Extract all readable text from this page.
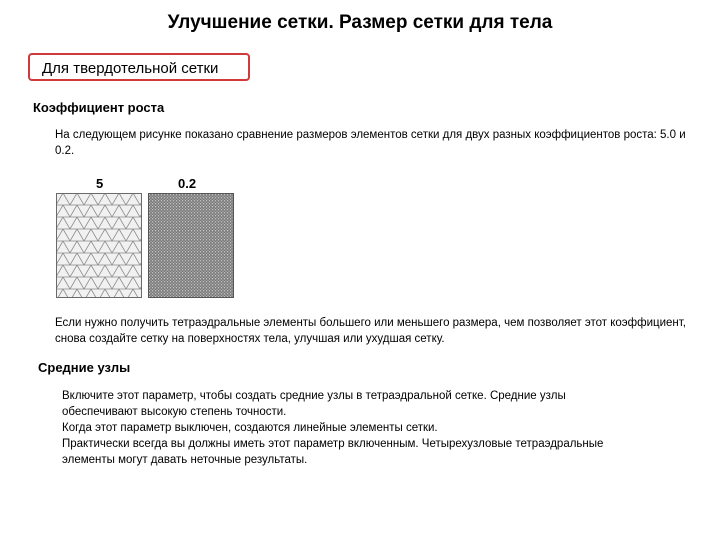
Улучшение сетки. Размер сетки для тела
Для твердотельной сетки
Коэффициент роста
На следующем рисунке показано сравнение размеров элементов сетки для двух разных коэффициентов роста: 5.0 и 0.2.
5	0.2
Если нужно получить тетраэдральные элементы большего или меньшего размера, чем позволяет этот коэффициент, снова создайте сетку на поверхностях тела, улучшая или ухудшая сетку.
Средние узлы
Включите этот параметр, чтобы создать средние узлы в тетраэдральной сетке. Средние узлы
обеспечивают высокую степень точности.
Когда этот параметр выключен, создаются линейные элементы сетки.
Практически всегда вы должны иметь этот параметр включенным. Четырехузловые тетраэдральные
элементы могут давать неточные результаты.
